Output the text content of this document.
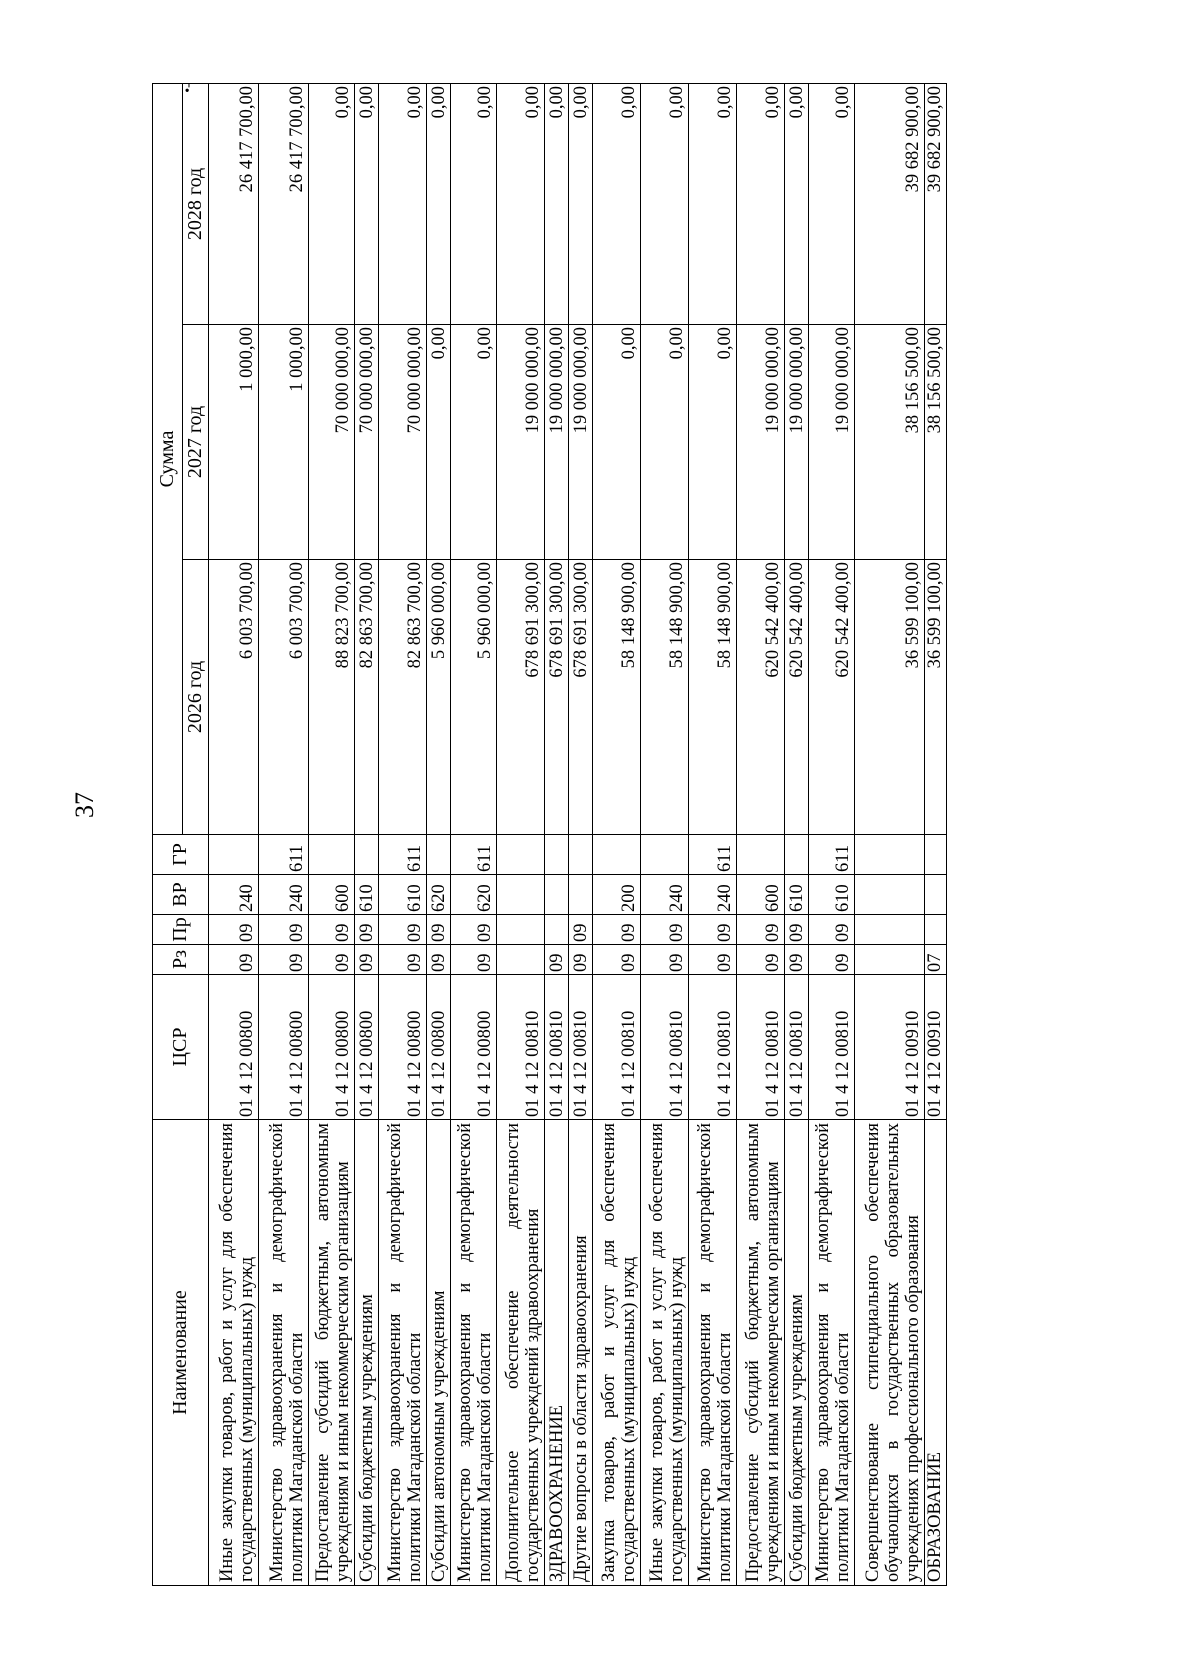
37
•-
Наименование	ЦСР	Рз	Пр	ВР	ГР	Сумма		
						2026 год	2027 год	2028 год
Иные закупки товаров, работ и услуг для обеспечения государственных (муниципальных) нужд	01 4 12 00800	09	09	240		6 003 700,00	1 000,00	26 417 700,00
Министерство здравоохранения и демографической политики Магаданской области	01 4 12 00800	09	09	240	611	6 003 700,00	1 000,00	26 417 700,00
Предоставление субсидий бюджетным, автономным учреждениям и иным некоммерческим организациям	01 4 12 00800	09	09	600		88 823 700,00	70 000 000,00	0,00
Субсидии бюджетным учреждениям	01 4 12 00800	09	09	610		82 863 700,00	70 000 000,00	0,00
Министерство здравоохранения и демографической политики Магаданской области	01 4 12 00800	09	09	610	611	82 863 700,00	70 000 000,00	0,00
Субсидии автономным учреждениям	01 4 12 00800	09	09	620		5 960 000,00	0,00	0,00
Министерство здравоохранения и демографической политики Магаданской области	01 4 12 00800	09	09	620	611	5 960 000,00	0,00	0,00
Дополнительное обеспечение деятельности государственных учреждений здравоохранения	01 4 12 00810					678 691 300,00	19 000 000,00	0,00
ЗДРАВООХРАНЕНИЕ	01 4 12 00810	09				678 691 300,00	19 000 000,00	0,00
Другие вопросы в области здравоохранения	01 4 12 00810	09	09			678 691 300,00	19 000 000,00	0,00
Закупка товаров, работ и услуг для обеспечения государственных (муниципальных) нужд	01 4 12 00810	09	09	200		58 148 900,00	0,00	0,00
Иные закупки товаров, работ и услуг для обеспечения государственных (муниципальных) нужд	01 4 12 00810	09	09	240		58 148 900,00	0,00	0,00
Министерство здравоохранения и демографической политики Магаданской области	01 4 12 00810	09	09	240	611	58 148 900,00	0,00	0,00
Предоставление субсидий бюджетным, автономным учреждениям и иным некоммерческим организациям	01 4 12 00810	09	09	600		620 542 400,00	19 000 000,00	0,00
Субсидии бюджетным учреждениям	01 4 12 00810	09	09	610		620 542 400,00	19 000 000,00	0,00
Министерство здравоохранения и демографической политики Магаданской области	01 4 12 00810	09	09	610	611	620 542 400,00	19 000 000,00	0,00
Совершенствование стипендиального обеспечения обучающихся в государственных образовательных учреждениях профессионального образования	01 4 12 00910					36 599 100,00	38 156 500,00	39 682 900,00
ОБРАЗОВАНИЕ	01 4 12 00910	07				36 599 100,00	38 156 500,00	39 682 900,00
